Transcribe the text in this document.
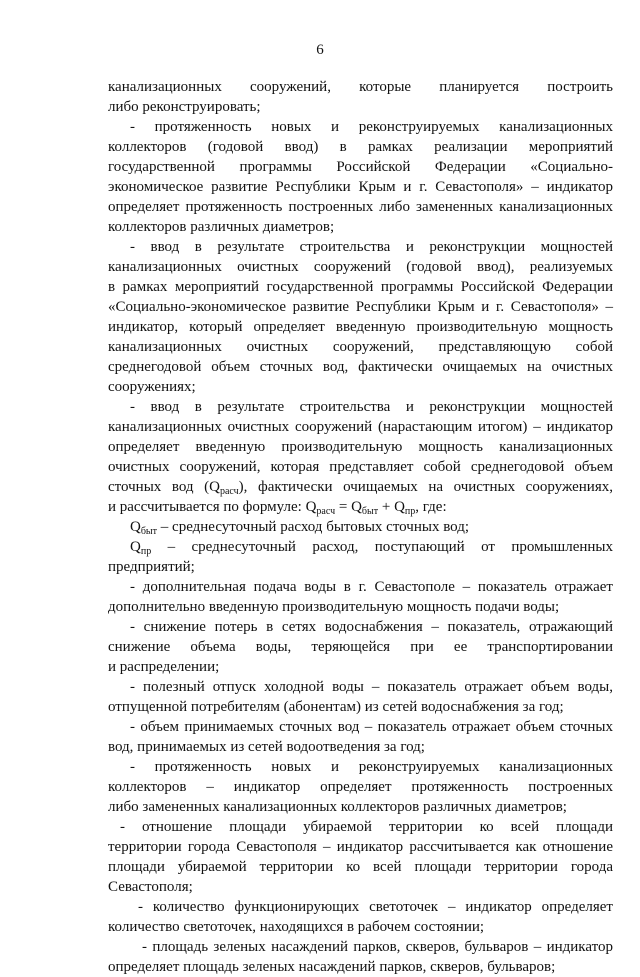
6
канализационных сооружений, которые планируется построить
либо реконструировать;
- протяженность новых и реконструируемых канализационных
коллекторов (годовой ввод) в рамках реализации мероприятий
государственной программы Российской Федерации «Социально-
экономическое развитие Республики Крым и г. Севастополя» – индикатор
определяет протяженность построенных либо замененных канализационных
коллекторов различных диаметров;
- ввод в результате строительства и реконструкции мощностей
канализационных очистных сооружений (годовой ввод), реализуемых
в рамках мероприятий государственной программы Российской Федерации
«Социально-экономическое развитие Республики Крым и г. Севастополя» –
индикатор, который определяет введенную производительную мощность
канализационных очистных сооружений, представляющую собой
среднегодовой объем сточных вод, фактически очищаемых на очистных
сооружениях;
- ввод в результате строительства и реконструкции мощностей
канализационных очистных сооружений (нарастающим итогом) – индикатор
определяет введенную производительную мощность канализационных
очистных сооружений, которая представляет собой среднегодовой объем
сточных вод $(Q_{расч})$, фактически очищаемых на очистных сооружениях,
и рассчитывается по формуле: $Q_{расч} = Q_{быт} + Q_{пр}$, где:
$Q_{быт}$ – среднесуточный расход бытовых сточных вод;
$Q_{пр}$ – среднесуточный расход, поступающий от промышленных
предприятий;
- дополнительная подача воды в г. Севастополе – показатель отражает
дополнительно введенную производительную мощность подачи воды;
- снижение потерь в сетях водоснабжения – показатель, отражающий
снижение объема воды, теряющейся при ее транспортировании
и распределении;
- полезный отпуск холодной воды – показатель отражает объем воды,
отпущенной потребителям (абонентам) из сетей водоснабжения за год;
- объем принимаемых сточных вод – показатель отражает объем сточных
вод, принимаемых из сетей водоотведения за год;
- протяженность новых и реконструируемых канализационных
коллекторов – индикатор определяет протяженность построенных
либо замененных канализационных коллекторов различных диаметров;
- отношение площади убираемой территории ко всей площади
территории города Севастополя – индикатор рассчитывается как отношение
площади убираемой территории ко всей площади территории города
Севастополя;
- количество функционирующих светоточек – индикатор определяет
количество светоточек, находящихся в рабочем состоянии;
- площадь зеленых насаждений парков, скверов, бульваров – индикатор
определяет площадь зеленых насаждений парков, скверов, бульваров;
